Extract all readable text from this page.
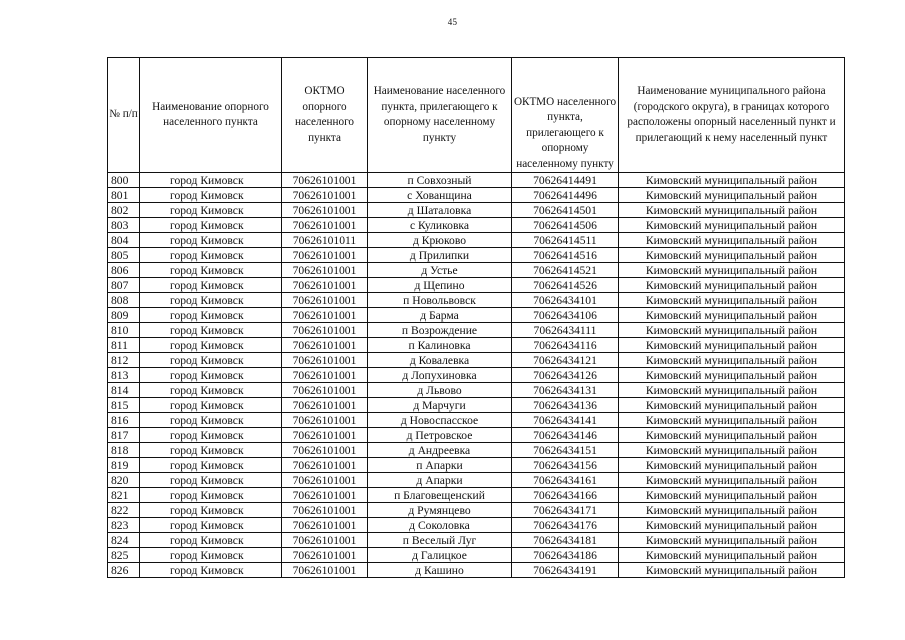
45
№ п/п	Наименование опорного населенного пункта	ОКТМО опорного населенного пункта	Наименование населенного пункта, прилегающего к опорному населенному пункту	ОКТМО населенного пункта, прилегающего к опорному населенному пункту	Наименование муниципального района (городского округа), в границах которого расположены опорный населенный пункт и прилегающий к нему населенный пункт
800	город Кимовск	70626101001	п Совхозный	70626414491	Кимовский муниципальный район
801	город Кимовск	70626101001	с Хованщина	70626414496	Кимовский муниципальный район
802	город Кимовск	70626101001	д Шаталовка	70626414501	Кимовский муниципальный район
803	город Кимовск	70626101001	с Куликовка	70626414506	Кимовский муниципальный район
804	город Кимовск	70626101011	д Крюково	70626414511	Кимовский муниципальный район
805	город Кимовск	70626101001	д Прилипки	70626414516	Кимовский муниципальный район
806	город Кимовск	70626101001	д Устье	70626414521	Кимовский муниципальный район
807	город Кимовск	70626101001	д Щепино	70626414526	Кимовский муниципальный район
808	город Кимовск	70626101001	п Новольвовск	70626434101	Кимовский муниципальный район
809	город Кимовск	70626101001	д Барма	70626434106	Кимовский муниципальный район
810	город Кимовск	70626101001	п Возрождение	70626434111	Кимовский муниципальный район
811	город Кимовск	70626101001	п Калиновка	70626434116	Кимовский муниципальный район
812	город Кимовск	70626101001	д Ковалевка	70626434121	Кимовский муниципальный район
813	город Кимовск	70626101001	д Лопухиновка	70626434126	Кимовский муниципальный район
814	город Кимовск	70626101001	д Львово	70626434131	Кимовский муниципальный район
815	город Кимовск	70626101001	д Марчуги	70626434136	Кимовский муниципальный район
816	город Кимовск	70626101001	д Новоспасское	70626434141	Кимовский муниципальный район
817	город Кимовск	70626101001	д Петровское	70626434146	Кимовский муниципальный район
818	город Кимовск	70626101001	д Андреевка	70626434151	Кимовский муниципальный район
819	город Кимовск	70626101001	п Апарки	70626434156	Кимовский муниципальный район
820	город Кимовск	70626101001	д Апарки	70626434161	Кимовский муниципальный район
821	город Кимовск	70626101001	п Благовещенский	70626434166	Кимовский муниципальный район
822	город Кимовск	70626101001	д Румянцево	70626434171	Кимовский муниципальный район
823	город Кимовск	70626101001	д Соколовка	70626434176	Кимовский муниципальный район
824	город Кимовск	70626101001	п Веселый Луг	70626434181	Кимовский муниципальный район
825	город Кимовск	70626101001	д Галицкое	70626434186	Кимовский муниципальный район
826	город Кимовск	70626101001	д Кашино	70626434191	Кимовский муниципальный район
